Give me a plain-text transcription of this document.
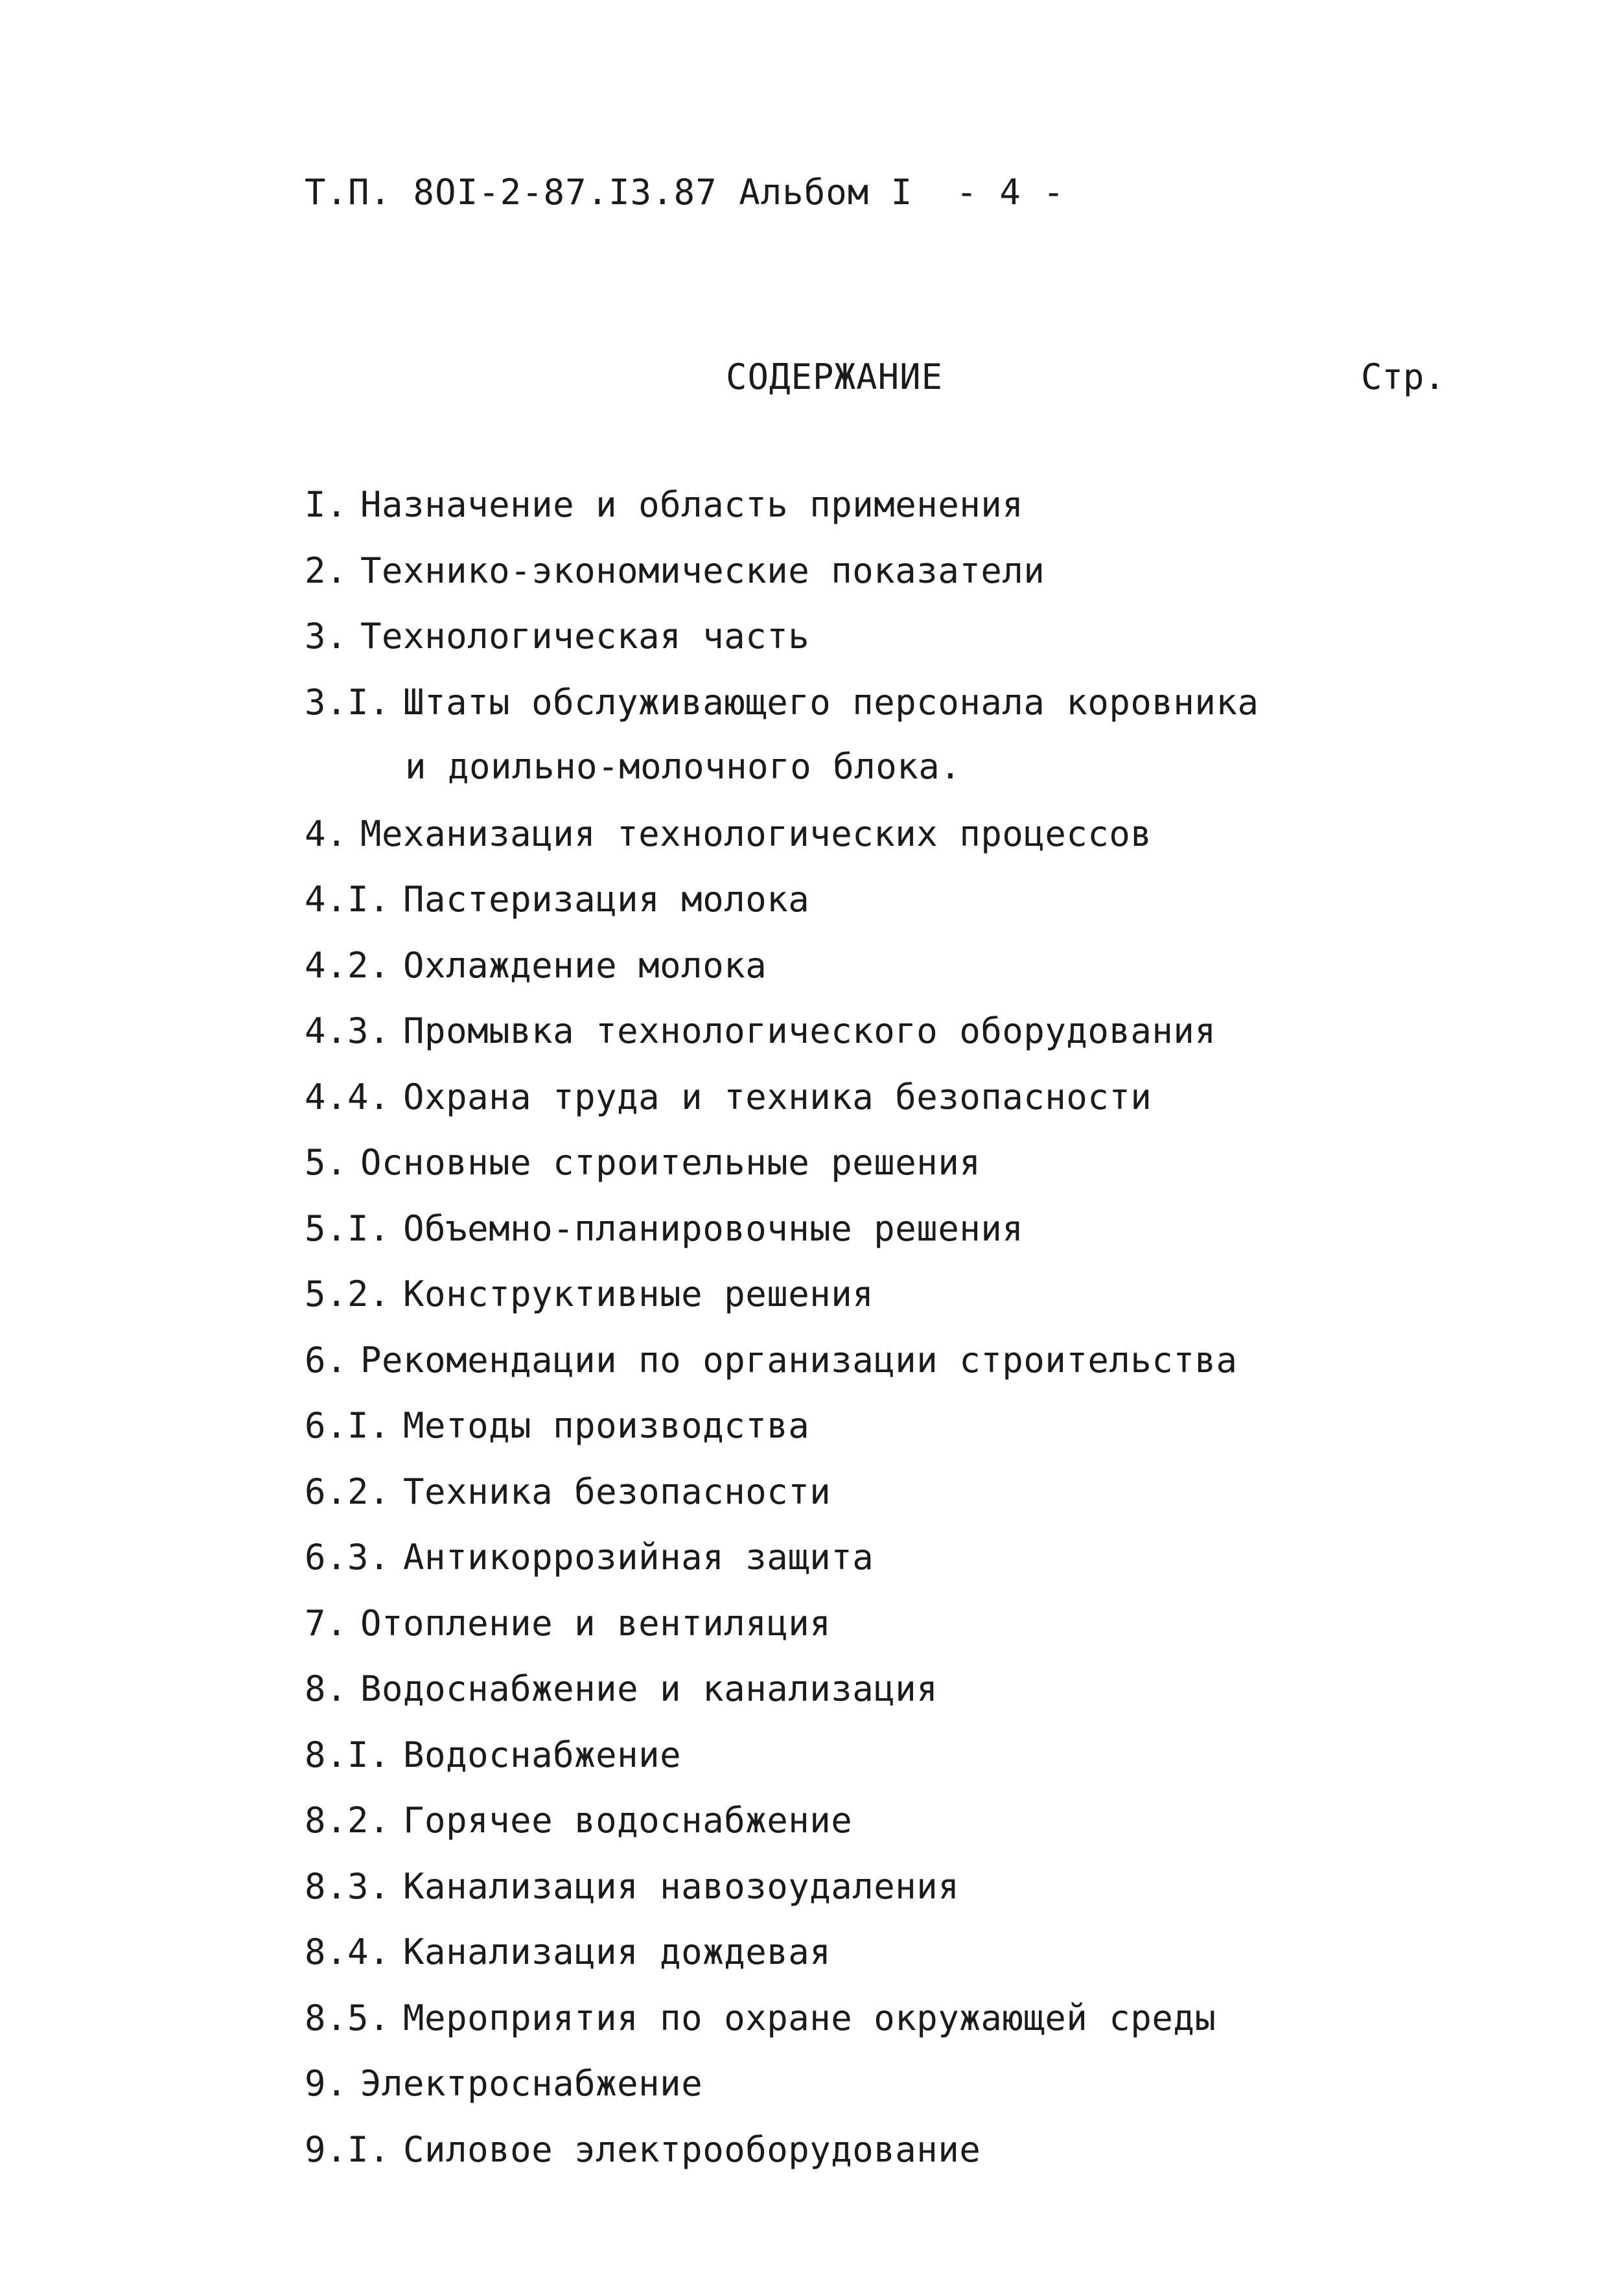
Т.П. 8ОI-2-87.I3.87 Альбом I  - 4 -
СОДЕРЖАНИЕ	Стр.
I. Назначение и область применения
2. Технико-экономические показатели
3. Технологическая часть
3.I. Штаты обслуживающего персонала коровника
и доильно-молочного блока.
4. Механизация технологических процессов
4.I. Пастеризация молока
4.2. Охлаждение молока
4.3. Промывка технологического оборудования
4.4. Охрана труда и техника безопасности
5. Основные строительные решения
5.I. Объемно-планировочные решения
5.2. Конструктивные решения
6. Рекомендации по организации строительства
6.I. Методы производства
6.2. Техника безопасности
6.3. Антикоррозийная защита
7. Отопление и вентиляция
8. Водоснабжение и канализация
8.I. Водоснабжение
8.2. Горячее водоснабжение
8.3. Канализация навозоудаления
8.4. Канализация дождевая
8.5. Мероприятия по охране окружающей среды
9. Электроснабжение
9.I. Силовое электрооборудование
